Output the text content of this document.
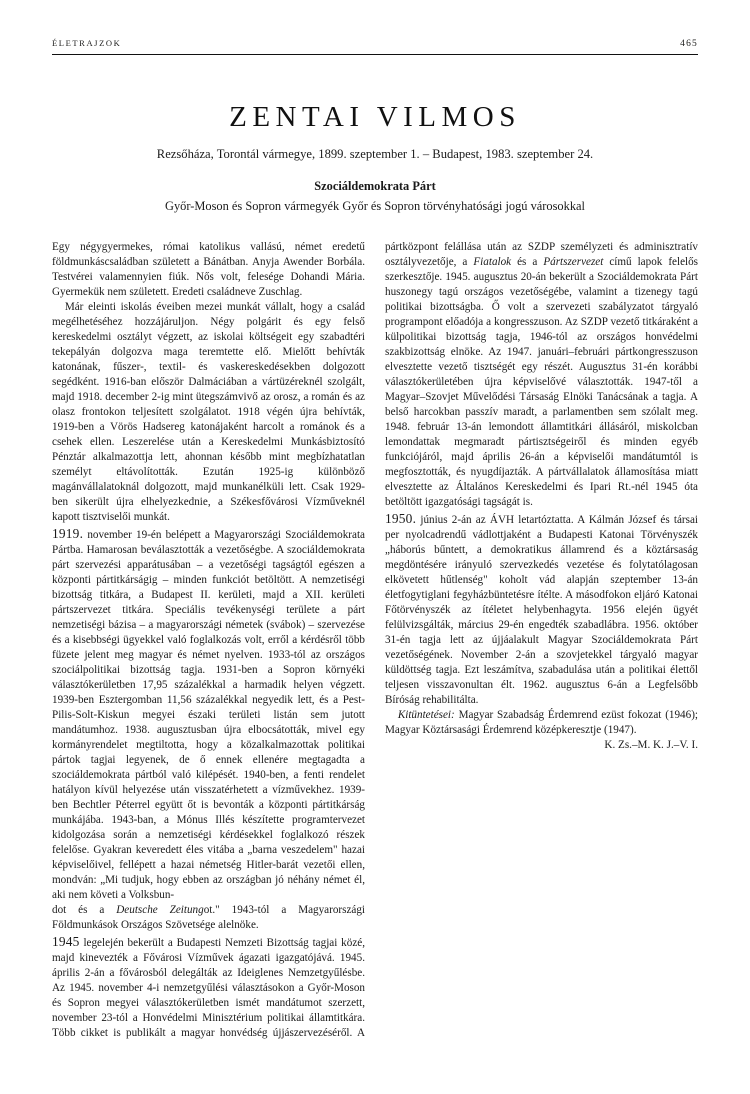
ÉLETRAJZOK	465
ZENTAI VILMOS

Rezsőháza, Torontál vármegye, 1899. szeptember 1. – Budapest, 1983. szeptember 24.

Szociáldemokrata Párt

Győr-Moson és Sopron vármegyék Győr és Sopron törvényhatósági jogú városokkal

Egy négygyermekes, római katolikus vallású, német eredetű földmunkáscsaládban született a Bánátban. Anyja Awender Borbála. Testvérei valamennyien fiúk. Nős volt, felesége Dohandi Mária. Gyermekük nem született. Eredeti családneve Zuschlag.

Már eleinti iskolás éveiben mezei munkát vállalt, hogy a család megélhetéséhez hozzájáruljon. Négy polgárit és egy felső kereskedelmi osztályt végzett, az iskolai költségeit egy szabadtéri tekepályán dolgozva maga teremtette elő. Mielőtt behívták katonának, fűszer-, textil- és vaskereskedésekben dolgozott segédként. 1916-ban először Dalmáciában a vártüzéreknél szolgált, majd 1918. december 2-ig mint ütegszámvivő az orosz, a román és az olasz frontokon teljesített szolgálatot. 1918 végén újra behívták, 1919-ben a Vörös Hadsereg katonájaként harcolt a románok és a csehek ellen. Leszerelése után a Kereskedelmi Munkásbiztosító Pénztár alkalmazottja lett, ahonnan később mint megbízhatatlan személyt eltávolították. Ezután 1925-ig különböző magánvállalatoknál dolgozott, majd munkanélküli lett. Csak 1929-ben sikerült újra elhelyezkednie, a Székesfővárosi Vízműveknél kapott tisztviselői munkát.

1919. november 19-én belépett a Magyarországi Szociáldemokrata Pártba. Hamarosan beválasztották a vezetőségbe. A szociáldemokrata párt szervezési apparátusában – a vezetőségi tagságtól egészen a központi pártitkárságig – minden funkciót betöltött. A nemzetiségi bizottság titkára, a Budapest II. kerületi, majd a XII. kerületi pártszervezet titkára. Speciális tevékenységi területe a párt nemzetiségi bázisa – a magyarországi németek (svábok) – szervezése és a kisebbségi ügyekkel való foglalkozás volt, erről a kérdésről több füzete jelent meg magyar és német nyelven. 1933-tól az országos szociálpolitikai bizottság tagja. 1931-ben a Sopron környéki választókerületben 17,95 százalékkal a harmadik helyen végzett. 1939-ben Esztergomban 11,56 százalékkal negyedik lett, és a Pest-Pilis-Solt-Kiskun megyei északi területi listán sem jutott mandátumhoz. 1938. augusztusban újra elbocsátották, mivel egy kormányrendelet megtiltotta, hogy a közalkalmazottak politikai pártok tagjai legyenek, de ő ennek ellenére megtagadta a szociáldemokrata pártból való kilépését. 1940-ben, a fenti rendelet hatályon kívül helyezése után visszatérhetett a vízművekhez. 1939-ben Bechtler Péterrel együtt őt is bevonták a központi pártitkárság munkájába. 1943-ban, a Mónus Illés készítette programtervezet kidolgozása során a nemzetiségi kérdésekkel foglalkozó részek felelőse. Gyakran keveredett éles vitába a „barna veszedelem" hazai képviselőivel, fellépett a hazai németség Hitler-barát vezetői ellen, mondván: „Mi tudjuk, hogy ebben az országban jó néhány német él, aki nem követi a Volksbun-

dot és a Deutsche Zeitungot." 1943-tól a Magyarországi Földmunkások Országos Szövetsége alelnöke.

1945 legelején bekerült a Budapesti Nemzeti Bizottság tagjai közé, majd kinevezték a Fővárosi Vízművek ágazati igazgatójává. 1945. április 2-án a fővárosból delegálták az Ideiglenes Nemzetgyűlésbe. Az 1945. november 4-i nemzetgyűlési választásokon a Győr-Moson és Sopron megyei választókerületben ismét mandátumot szerzett, november 23-tól a Honvédelmi Minisztérium politikai államtitkára. Több cikket is publikált a magyar honvédség újjászervezéséről. A pártközpont felállása után az SZDP személyzeti és adminisztratív osztályvezetője, a Fiatalok és a Pártszervezet című lapok felelős szerkesztője. 1945. augusztus 20-án bekerült a Szociáldemokrata Párt huszonegy tagú országos vezetőségébe, valamint a tizenegy tagú politikai bizottságba. Ő volt a szervezeti szabályzatot tárgyaló programpont előadója a kongresszuson. Az SZDP vezető titkáraként a külpolitikai bizottság tagja, 1946-tól az országos honvédelmi szakbizottság elnöke. Az 1947. januári–februári pártkongresszuson elvesztette vezető tisztségét egy részét. Augusztus 31-én korábbi választókerületében újra képviselővé választották. 1947-től a Magyar–Szovjet Művelődési Társaság Elnöki Tanácsának a tagja. A belső harcokban passzív maradt, a parlamentben sem szólalt meg. 1948. február 13-án lemondott államtitkári állásáról, miskolcban lemondattak megmaradt pártisztségeiről és minden egyéb funkciójáról, majd április 26-án a képviselői mandátumtól is megfosztották, és nyugdíjazták. A pártvállalatok államosítása miatt elvesztette az Általános Kereskedelmi és Ipari Rt.-nél 1945 óta betöltött igazgatósági tagságát is.

1950. június 2-án az ÁVH letartóztatta. A Kálmán József és társai per nyolcadrendű vádlottjaként a Budapesti Katonai Törvényszék „háborús bűntett, a demokratikus államrend és a köztársaság megdöntésére irányuló szervezkedés vezetése és folytatólagosan elkövetett hűtlenség" koholt vád alapján szeptember 13-án életfogytiglani fegyházbüntetésre ítélte. A másodfokon eljáró Katonai Főtörvényszék az ítéletet helybenhagyta. 1956 elején ügyét felülvizsgálták, március 29-én engedték szabadlábra. 1956. október 31-én tagja lett az újjáalakult Magyar Szociáldemokrata Párt vezetőségének. November 2-án a szovjetekkel tárgyaló magyar küldöttség tagja. Ezt leszámítva, szabadulása után a politikai élettől teljesen visszavonultan élt. 1962. augusztus 6-án a Legfelsőbb Bíróság rehabilitálta.

Kitüntetései: Magyar Szabadság Érdemrend ezüst fokozat (1946); Magyar Köztársasági Érdemrend középkeresztje (1947).

K. Zs.–M. K. J.–V. I.
